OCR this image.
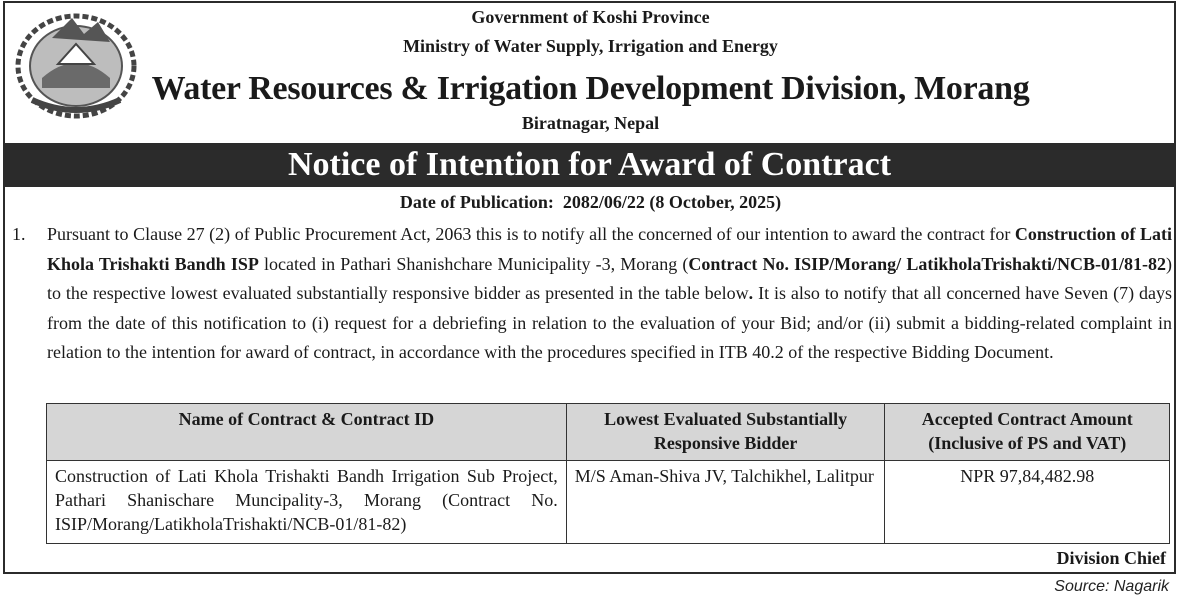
Government of Koshi Province
Ministry of Water Supply, Irrigation and Energy
Water Resources & Irrigation Development Division, Morang
Biratnagar, Nepal
Notice of Intention for Award of Contract
Date of Publication: 2082/06/22 (8 October, 2025)
1. Pursuant to Clause 27 (2) of Public Procurement Act, 2063 this is to notify all the concerned of our intention to award the contract for Construction of Lati Khola Trishakti Bandh ISP located in Pathari Shanishchare Municipality -3, Morang (Contract No. ISIP/Morang/ LatikholaTrishakti/NCB-01/81-82) to the respective lowest evaluated substantially responsive bidder as presented in the table below. It is also to notify that all concerned have Seven (7) days from the date of this notification to (i) request for a debriefing in relation to the evaluation of your Bid; and/or (ii) submit a bidding-related complaint in relation to the intention for award of contract, in accordance with the procedures specified in ITB 40.2 of the respective Bidding Document.
Name of Contract & Contract ID	Lowest Evaluated Substantially Responsive Bidder	Accepted Contract Amount (Inclusive of PS and VAT)
Construction of Lati Khola Trishakti Bandh Irrigation Sub Project, Pathari Shanischare Muncipality-3, Morang (Contract No. ISIP/Morang/LatikholaTrishakti/NCB-01/81-82)	M/S Aman-Shiva JV, Talchikhel, Lalitpur	NPR 97,84,482.98
Division Chief
Source: Nagarik
